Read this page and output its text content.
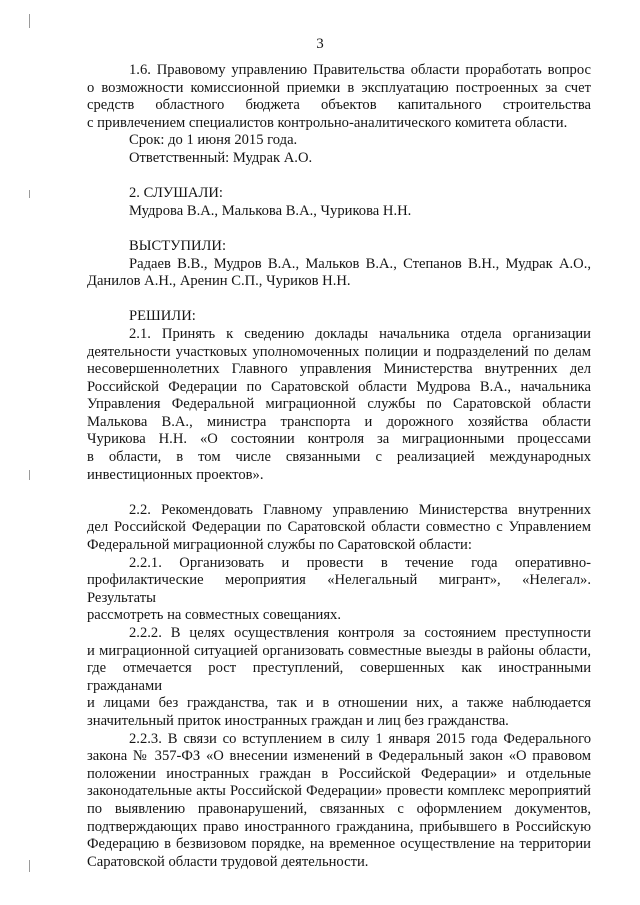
3
1.6. Правовому управлению Правительства области проработать вопрос
о возможности комиссионной приемки в эксплуатацию построенных за счет
средств областного бюджета объектов капитального строительства
с привлечением специалистов контрольно-аналитического комитета области.
Срок: до 1 июня 2015 года.
Ответственный: Мудрак А.О.
2. СЛУШАЛИ:
Мудрова В.А., Малькова В.А., Чурикова Н.Н.
ВЫСТУПИЛИ:
Радаев В.В., Мудров В.А., Мальков В.А., Степанов В.Н., Мудрак А.О.,
Данилов А.Н., Аренин С.П., Чуриков Н.Н.
РЕШИЛИ:
2.1. Принять к сведению доклады начальника отдела организации
деятельности участковых уполномоченных полиции и подразделений по делам
несовершеннолетних Главного управления Министерства внутренних дел
Российской Федерации по Саратовской области Мудрова В.А., начальника
Управления Федеральной миграционной службы по Саратовской области
Малькова В.А., министра транспорта и дорожного хозяйства области
Чурикова Н.Н. «О состоянии контроля за миграционными процессами
в области, в том числе связанными с реализацией международных
инвестиционных проектов».
2.2. Рекомендовать Главному управлению Министерства внутренних
дел Российской Федерации по Саратовской области совместно с Управлением
Федеральной миграционной службы по Саратовской области:
2.2.1. Организовать и провести в течение года оперативно-
профилактические мероприятия «Нелегальный мигрант», «Нелегал». Результаты
рассмотреть на совместных совещаниях.
2.2.2. В целях осуществления контроля за состоянием преступности
и миграционной ситуацией организовать совместные выезды в районы области,
где отмечается рост преступлений, совершенных как иностранными гражданами
и лицами без гражданства, так и в отношении них, а также наблюдается
значительный приток иностранных граждан и лиц без гражданства.
2.2.3. В связи со вступлением в силу 1 января 2015 года Федерального
закона № 357-ФЗ «О внесении изменений в Федеральный закон «О правовом
положении иностранных граждан в Российской Федерации» и отдельные
законодательные акты Российской Федерации» провести комплекс мероприятий
по выявлению правонарушений, связанных с оформлением документов,
подтверждающих право иностранного гражданина, прибывшего в Российскую
Федерацию в безвизовом порядке, на временное осуществление на территории
Саратовской области трудовой деятельности.
